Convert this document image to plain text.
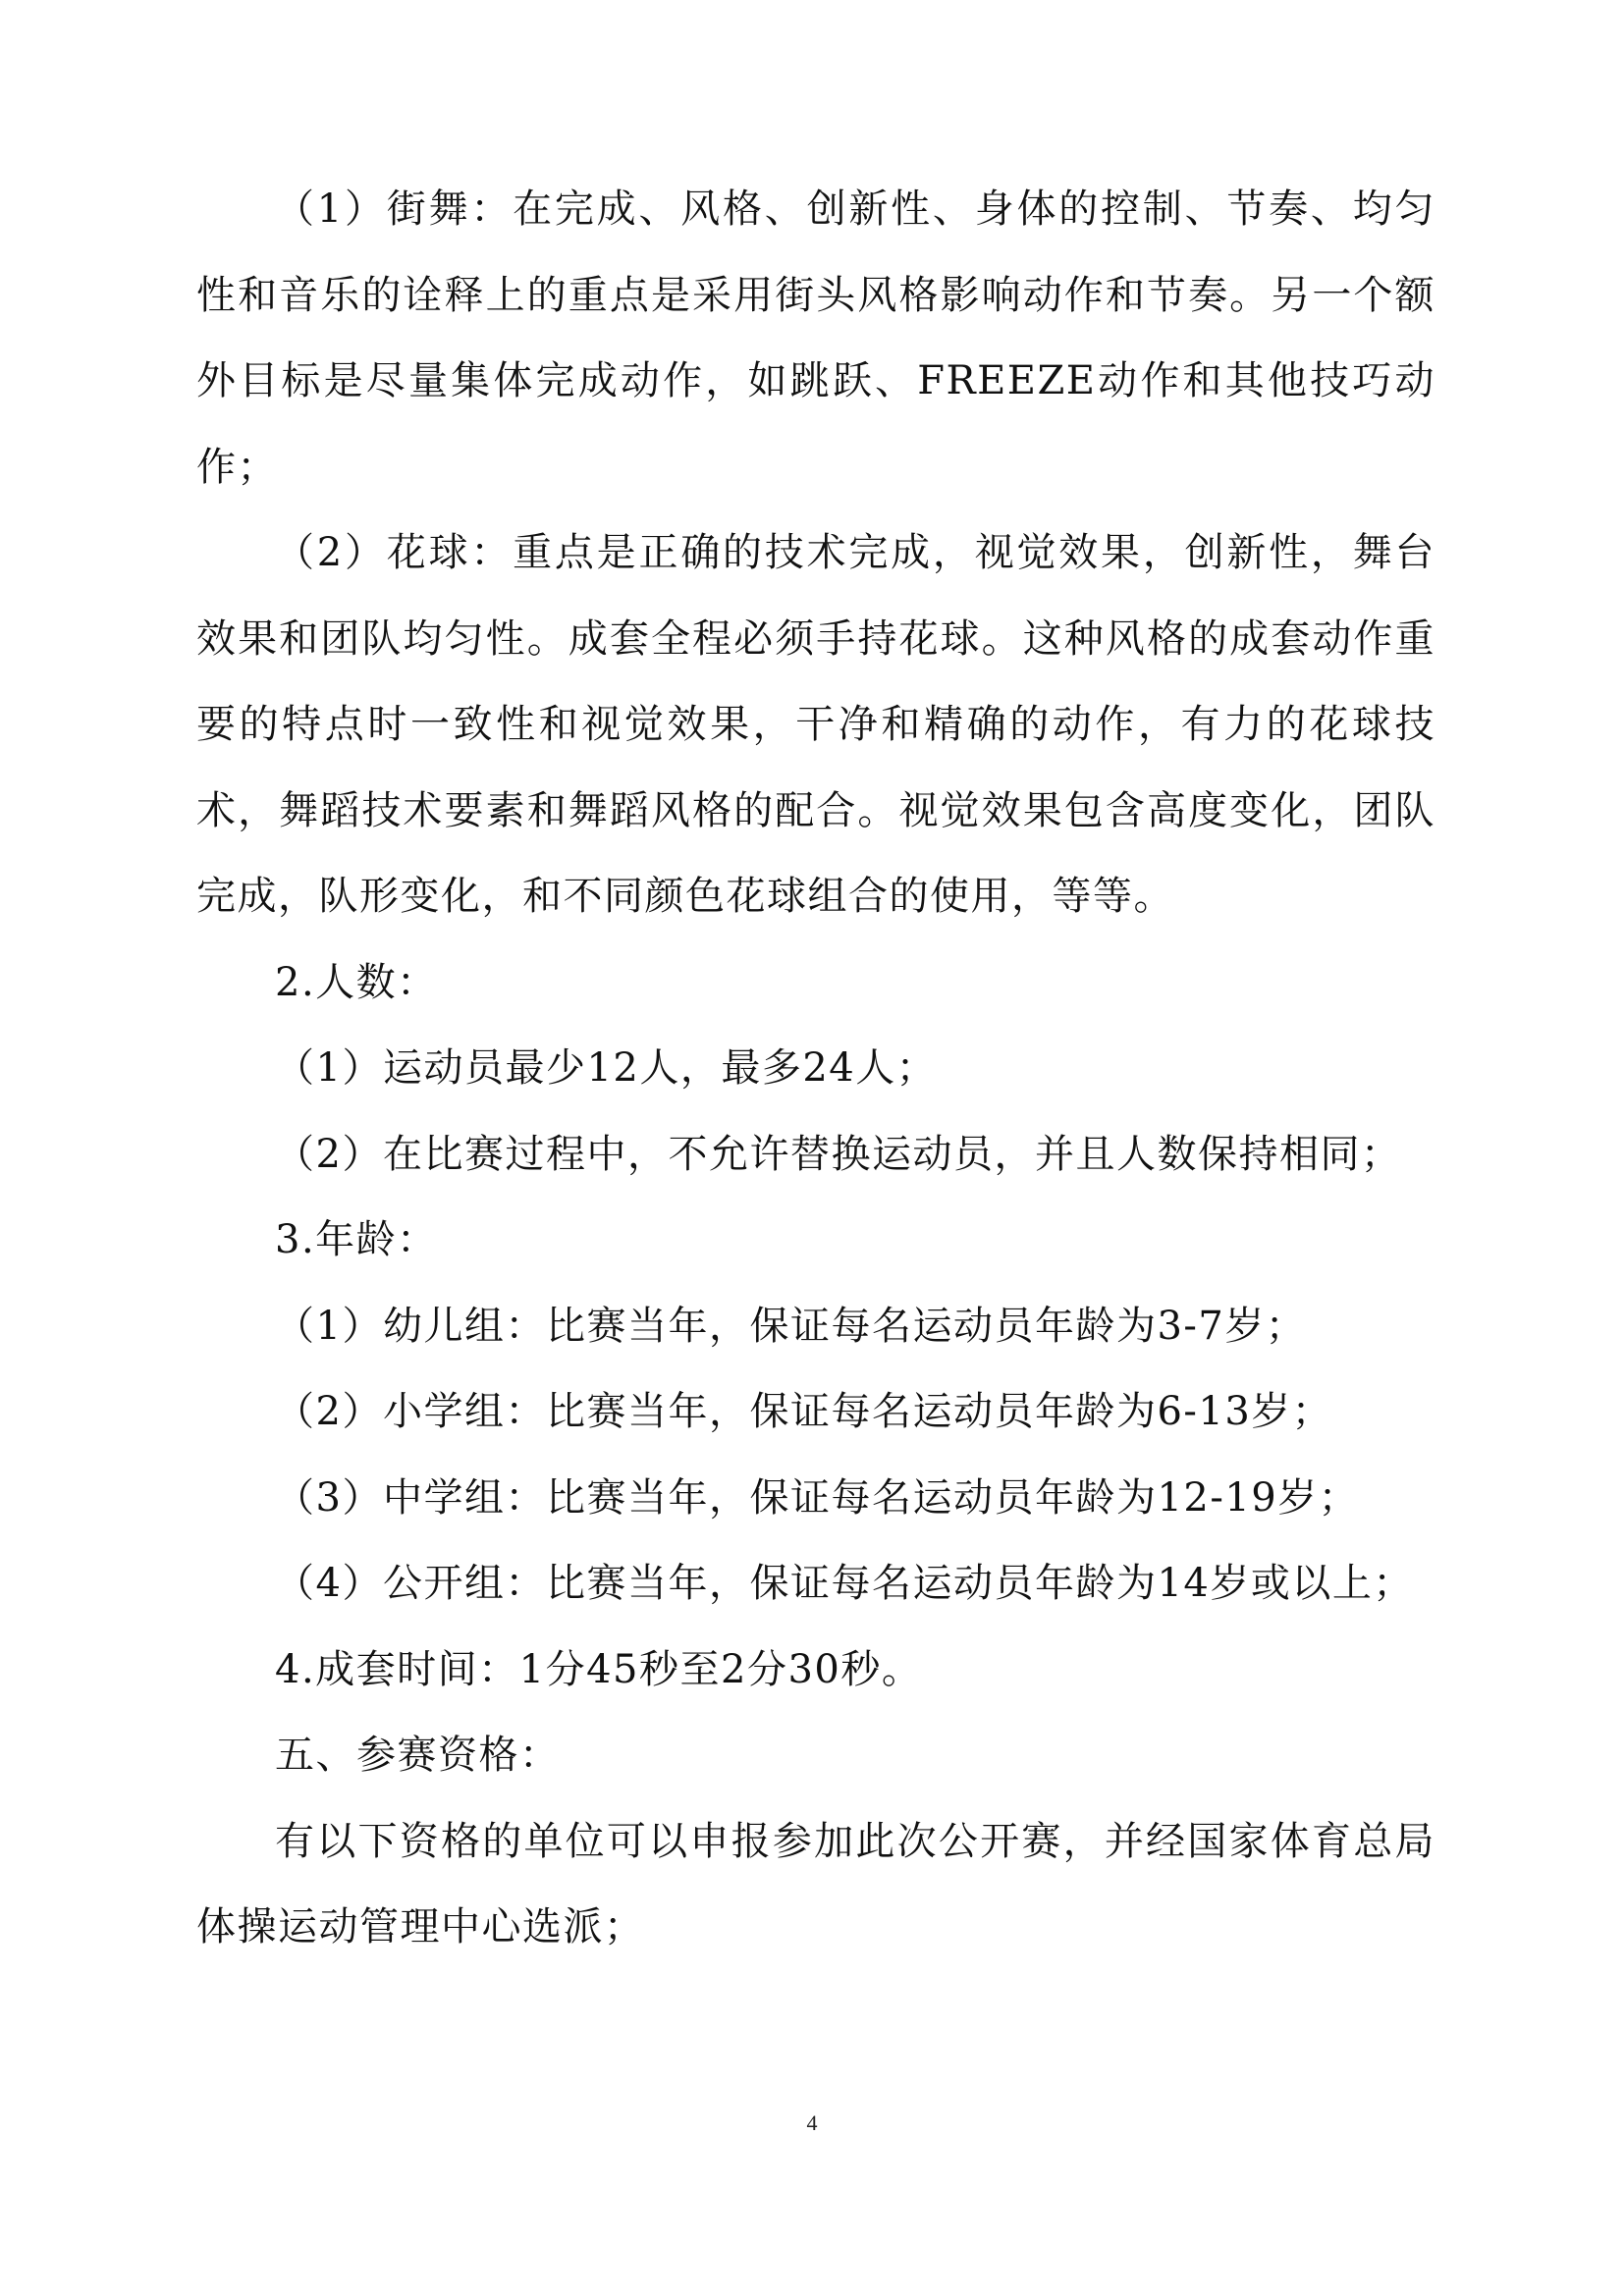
（1）街舞：在完成、风格、创新性、身体的控制、节奏、均匀性和音乐的诠释上的重点是采用街头风格影响动作和节奏。另一个额外目标是尽量集体完成动作，如跳跃、FREEZE动作和其他技巧动作；

（2）花球：重点是正确的技术完成，视觉效果，创新性，舞台效果和团队均匀性。成套全程必须手持花球。这种风格的成套动作重要的特点时一致性和视觉效果，干净和精确的动作，有力的花球技术，舞蹈技术要素和舞蹈风格的配合。视觉效果包含高度变化，团队完成，队形变化，和不同颜色花球组合的使用，等等。

2.人数：

（1）运动员最少12人，最多24人；

（2）在比赛过程中，不允许替换运动员，并且人数保持相同；

3.年龄：

（1）幼儿组：比赛当年，保证每名运动员年龄为3-7岁；

（2）小学组：比赛当年，保证每名运动员年龄为6-13岁；

（3）中学组：比赛当年，保证每名运动员年龄为12-19岁；

（4）公开组：比赛当年，保证每名运动员年龄为14岁或以上；

4.成套时间：1分45秒至2分30秒。

五、参赛资格：

有以下资格的单位可以申报参加此次公开赛，并经国家体育总局体操运动管理中心选派；

4
